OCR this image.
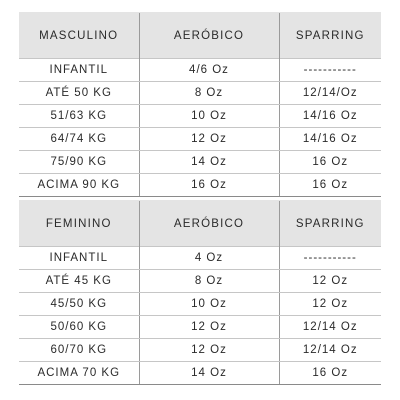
MASCULINO	AERÓBICO	SPARRING
INFANTIL	4/6 Oz	-----------
ATÉ 50 KG	8 Oz	12/14/Oz
51/63 KG	10 Oz	14/16 Oz
64/74 KG	12 Oz	14/16 Oz
75/90 KG	14 Oz	16 Oz
ACIMA 90 KG	16 Oz	16 Oz
FEMININO	AERÓBICO	SPARRING
INFANTIL	4 Oz	-----------
ATÉ 45 KG	8 Oz	12 Oz
45/50 KG	10 Oz	12 Oz
50/60 KG	12 Oz	12/14 Oz
60/70 KG	12 Oz	12/14 Oz
ACIMA 70 KG	14 Oz	16 Oz
